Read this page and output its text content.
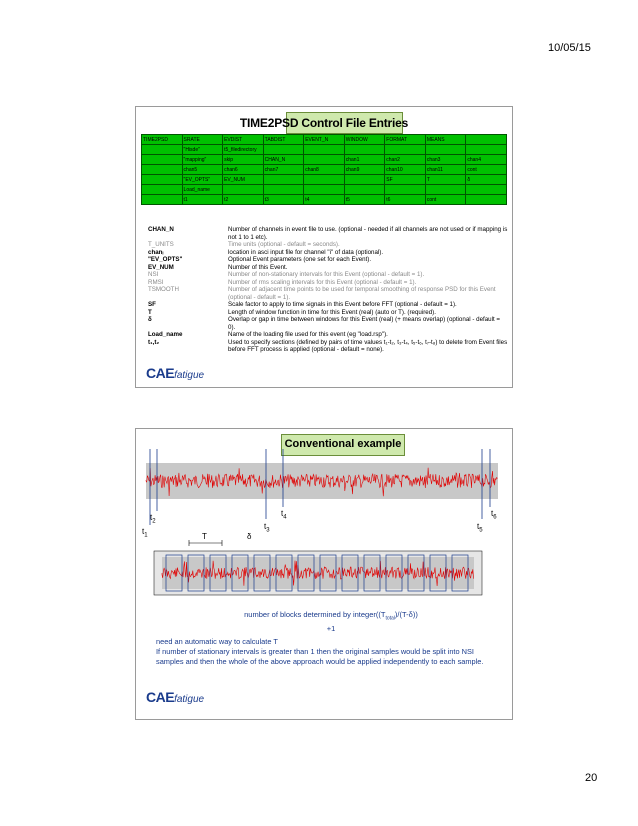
10/05/15
TIME2PSD Control File Entries
TIME2PSD	SRATE	EVDIST	TABDIST	EVENT_N	WINDOW	FORMAT	MEANS	
	"Hisde"	t5_filedirectory						
	"mapping"	skip	CHAN_N		chan1	chan2	chan3	chan4
	chan5	chan6	chan7	chan8	chan9	chan10	chan11	cont
	"EV_OPTS"	EV_NUM				SF	T	δ
	Load_name							
	t1	t2	t3	t4	t5	t6	cont	
CHAN_N	Number of channels in event file to use. (optional - needed if all channels are not used or if mapping is not 1 to 1 etc).
T_UNITS	Time units (optional - default = seconds).
chanᵢ	location in asci input file for channel "i" of data (optional).
"EV_OPTS"	Optional Event parameters (one set for each Event).
EV_NUM	Number of this Event.
NSI	Number of non-stationary intervals for this Event (optional - default = 1).
RMSI	Number of rms scaling intervals for this Event (optional - default = 1).
TSMOOTH	Number of adjacent time points to be used for temporal smoothing of response PSD for this Event (optional - default = 1).
SF	Scale factor to apply to time signals in this Event before FFT (optional - default = 1).
T	Length of window function in time for this Event (real) (auto or T). (required).
δ	Overlap or gap in time between windows for this Event (real) (+ means overlap) (optional - default = 0).
Load_name	Name of the loading file used for this event (eg "load.rsp").
t₁,t₂	Used to specify sections (defined by pairs of time values t₁-t₂, t₃-t₄, t₅-t₆, t₇-t₈) to delete from Event files before FFT process is applied (optional - default = none).
CAEfatigue
Conventional example
$t_1$
$t_2$
$t_3$
$t_4$
$t_5$
$t_6$
T	δ
number of blocks determined by $integer((T_{total})/(T-\delta))$
+1
need an automatic way to calculate T
If number of stationary intervals is greater than 1 then the original samples would be split into NSI samples and then the whole of the above approach would be applied independently to each sample.
CAEfatigue
20
